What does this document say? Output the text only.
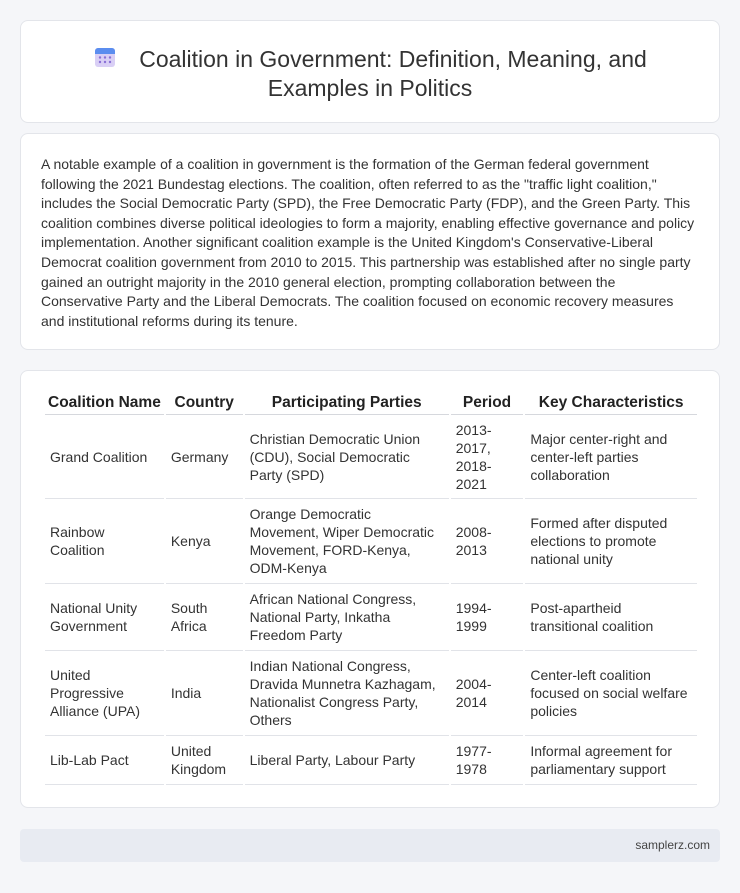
Coalition in Government: Definition, Meaning, and
Examples in Politics

A notable example of a coalition in government is the formation of the German federal government following the 2021 Bundestag elections. The coalition, often referred to as the "traffic light coalition," includes the Social Democratic Party (SPD), the Free Democratic Party (FDP), and the Green Party. This coalition combines diverse political ideologies to form a majority, enabling effective governance and policy implementation. Another significant coalition example is the United Kingdom's Conservative-Liberal Democrat coalition government from 2010 to 2015. This partnership was established after no single party gained an outright majority in the 2010 general election, prompting collaboration between the Conservative Party and the Liberal Democrats. The coalition focused on economic recovery measures and institutional reforms during its tenure.

Coalition Name	Country	Participating Parties	Period	Key Characteristics
Grand Coalition	Germany	Christian Democratic Union (CDU), Social Democratic Party (SPD)	2013-2017, 2018-2021	Major center-right and center-left parties collaboration
Rainbow Coalition	Kenya	Orange Democratic Movement, Wiper Democratic Movement, FORD-Kenya, ODM-Kenya	2008-2013	Formed after disputed elections to promote national unity
National Unity Government	South Africa	African National Congress, National Party, Inkatha Freedom Party	1994-1999	Post-apartheid transitional coalition
United Progressive Alliance (UPA)	India	Indian National Congress, Dravida Munnetra Kazhagam, Nationalist Congress Party, Others	2004-2014	Center-left coalition focused on social welfare policies
Lib-Lab Pact	United Kingdom	Liberal Party, Labour Party	1977-1978	Informal agreement for parliamentary support
samplerz.com
